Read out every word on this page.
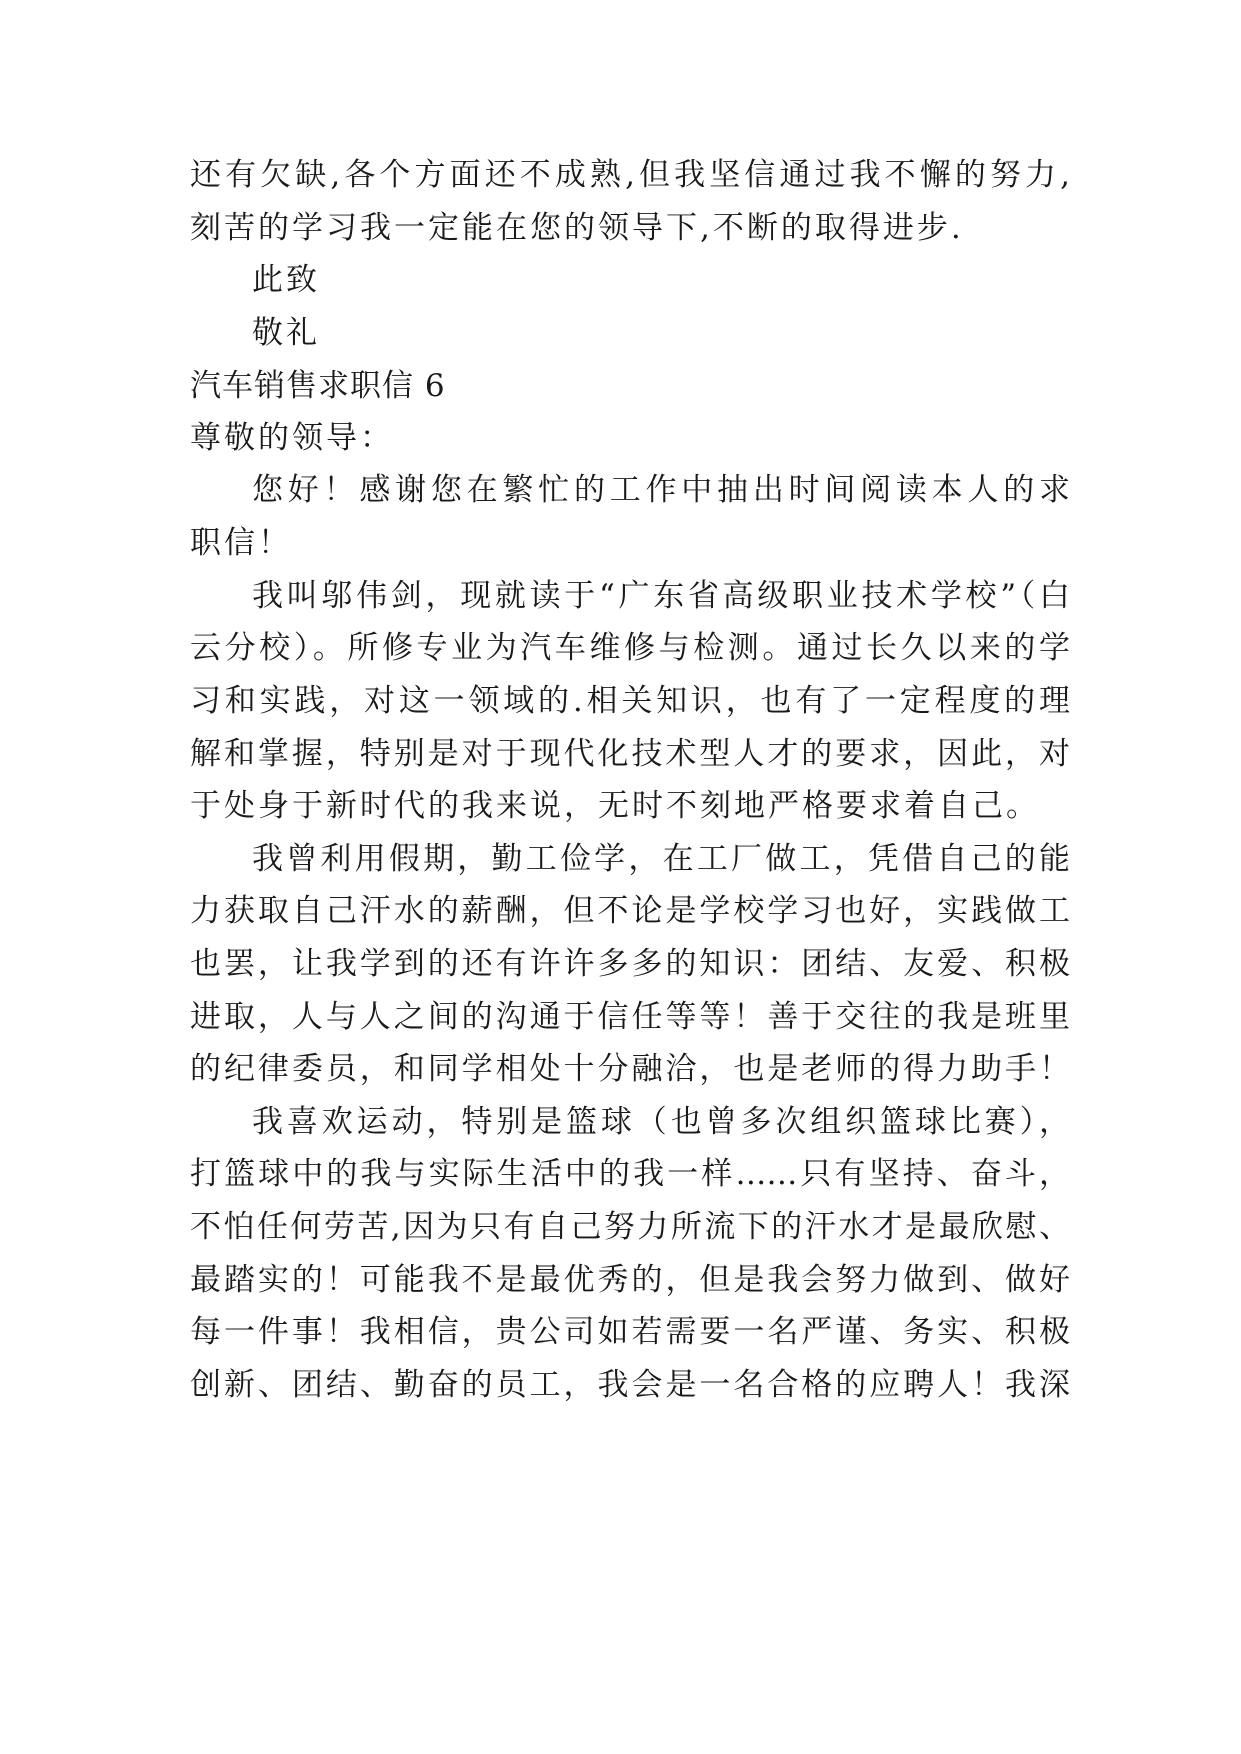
还有欠缺,各个方面还不成熟,但我坚信通过我不懈的努力,
刻苦的学习我一定能在您的领导下,不断的取得进步.
此致
敬礼
汽车销售求职信 6
尊敬的领导：
您好！感谢您在繁忙的工作中抽出时间阅读本人的求
职信！
我叫邬伟剑，现就读于“广东省高级职业技术学校”（白
云分校）。所修专业为汽车维修与检测。通过长久以来的学
习和实践，对这一领域的.相关知识，也有了一定程度的理
解和掌握，特别是对于现代化技术型人才的要求，因此，对
于处身于新时代的我来说，无时不刻地严格要求着自己。
我曾利用假期，勤工俭学，在工厂做工，凭借自己的能
力获取自己汗水的薪酬，但不论是学校学习也好，实践做工
也罢，让我学到的还有许许多多的知识：团结、友爱、积极
进取，人与人之间的沟通于信任等等！善于交往的我是班里
的纪律委员，和同学相处十分融洽，也是老师的得力助手！
我喜欢运动，特别是篮球（也曾多次组织篮球比赛），
打篮球中的我与实际生活中的我一样……只有坚持、奋斗，
不怕任何劳苦,因为只有自己努力所流下的汗水才是最欣慰、
最踏实的！可能我不是最优秀的，但是我会努力做到、做好
每一件事！我相信，贵公司如若需要一名严谨、务实、积极
创新、团结、勤奋的员工，我会是一名合格的应聘人！我深
